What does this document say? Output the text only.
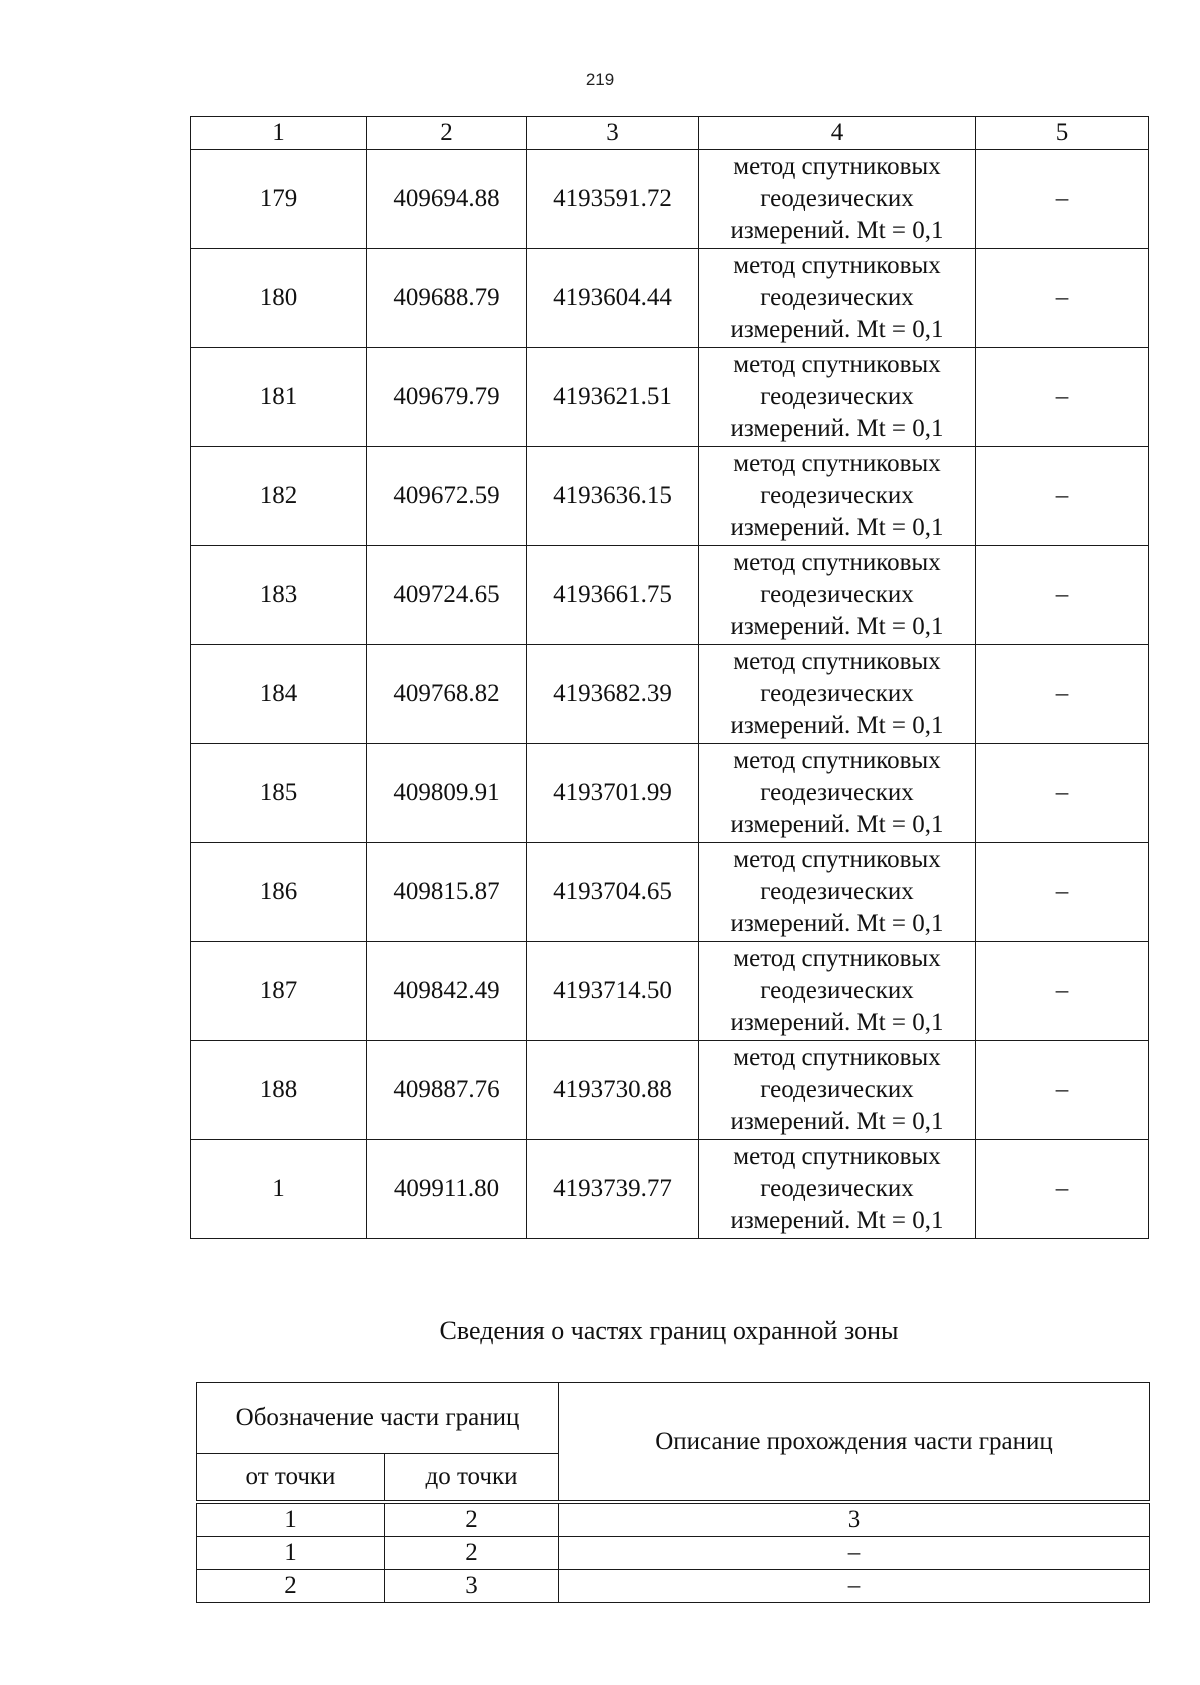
219
1	2	3	4	5
179	409694.88	4193591.72	метод спутниковых
геодезических
измерений. Mt = 0,1	–
180	409688.79	4193604.44	метод спутниковых
геодезических
измерений. Mt = 0,1	–
181	409679.79	4193621.51	метод спутниковых
геодезических
измерений. Mt = 0,1	–
182	409672.59	4193636.15	метод спутниковых
геодезических
измерений. Mt = 0,1	–
183	409724.65	4193661.75	метод спутниковых
геодезических
измерений. Mt = 0,1	–
184	409768.82	4193682.39	метод спутниковых
геодезических
измерений. Mt = 0,1	–
185	409809.91	4193701.99	метод спутниковых
геодезических
измерений. Mt = 0,1	–
186	409815.87	4193704.65	метод спутниковых
геодезических
измерений. Mt = 0,1	–
187	409842.49	4193714.50	метод спутниковых
геодезических
измерений. Mt = 0,1	–
188	409887.76	4193730.88	метод спутниковых
геодезических
измерений. Mt = 0,1	–
1	409911.80	4193739.77	метод спутниковых
геодезических
измерений. Mt = 0,1	–
Сведения о частях границ охранной зоны
Обозначение части границ		Описание прохождения части границ
от точки	до точки	
1	2	3
1	2	–
2	3	–
